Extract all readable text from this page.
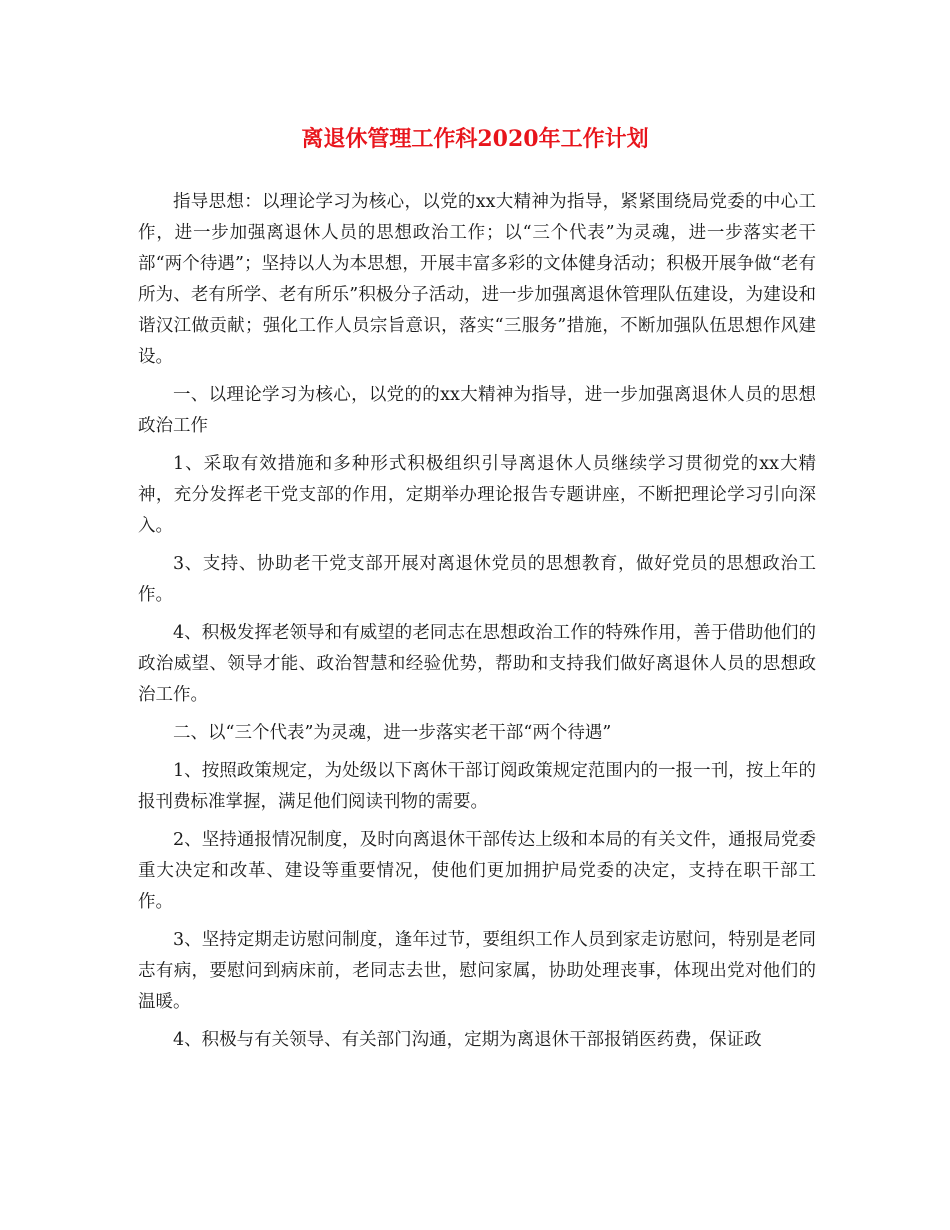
离退休管理工作科2020年工作计划

指导思想：以理论学习为核心，以党的xx大精神为指导，紧紧围绕局党委的中心工作，进一步加强离退休人员的思想政治工作；以“三个代表”为灵魂，进一步落实老干部“两个待遇”；坚持以人为本思想，开展丰富多彩的文体健身活动；积极开展争做“老有所为、老有所学、老有所乐”积极分子活动，进一步加强离退休管理队伍建设，为建设和谐汉江做贡献；强化工作人员宗旨意识，落实“三服务”措施，不断加强队伍思想作风建设。

一、以理论学习为核心，以党的的xx大精神为指导，进一步加强离退休人员的思想政治工作

1、采取有效措施和多种形式积极组织引导离退休人员继续学习贯彻党的xx大精神，充分发挥老干党支部的作用，定期举办理论报告专题讲座，不断把理论学习引向深入。

3、支持、协助老干党支部开展对离退休党员的思想教育，做好党员的思想政治工作。

4、积极发挥老领导和有威望的老同志在思想政治工作的特殊作用，善于借助他们的政治威望、领导才能、政治智慧和经验优势，帮助和支持我们做好离退休人员的思想政治工作。

二、以“三个代表”为灵魂，进一步落实老干部“两个待遇”

1、按照政策规定，为处级以下离休干部订阅政策规定范围内的一报一刊，按上年的报刊费标准掌握，满足他们阅读刊物的需要。

2、坚持通报情况制度，及时向离退休干部传达上级和本局的有关文件，通报局党委重大决定和改革、建设等重要情况，使他们更加拥护局党委的决定，支持在职干部工作。

3、坚持定期走访慰问制度，逢年过节，要组织工作人员到家走访慰问，特别是老同志有病，要慰问到病床前，老同志去世，慰问家属，协助处理丧事，体现出党对他们的温暖。

4、积极与有关领导、有关部门沟通，定期为离退休干部报销医药费，保证政
